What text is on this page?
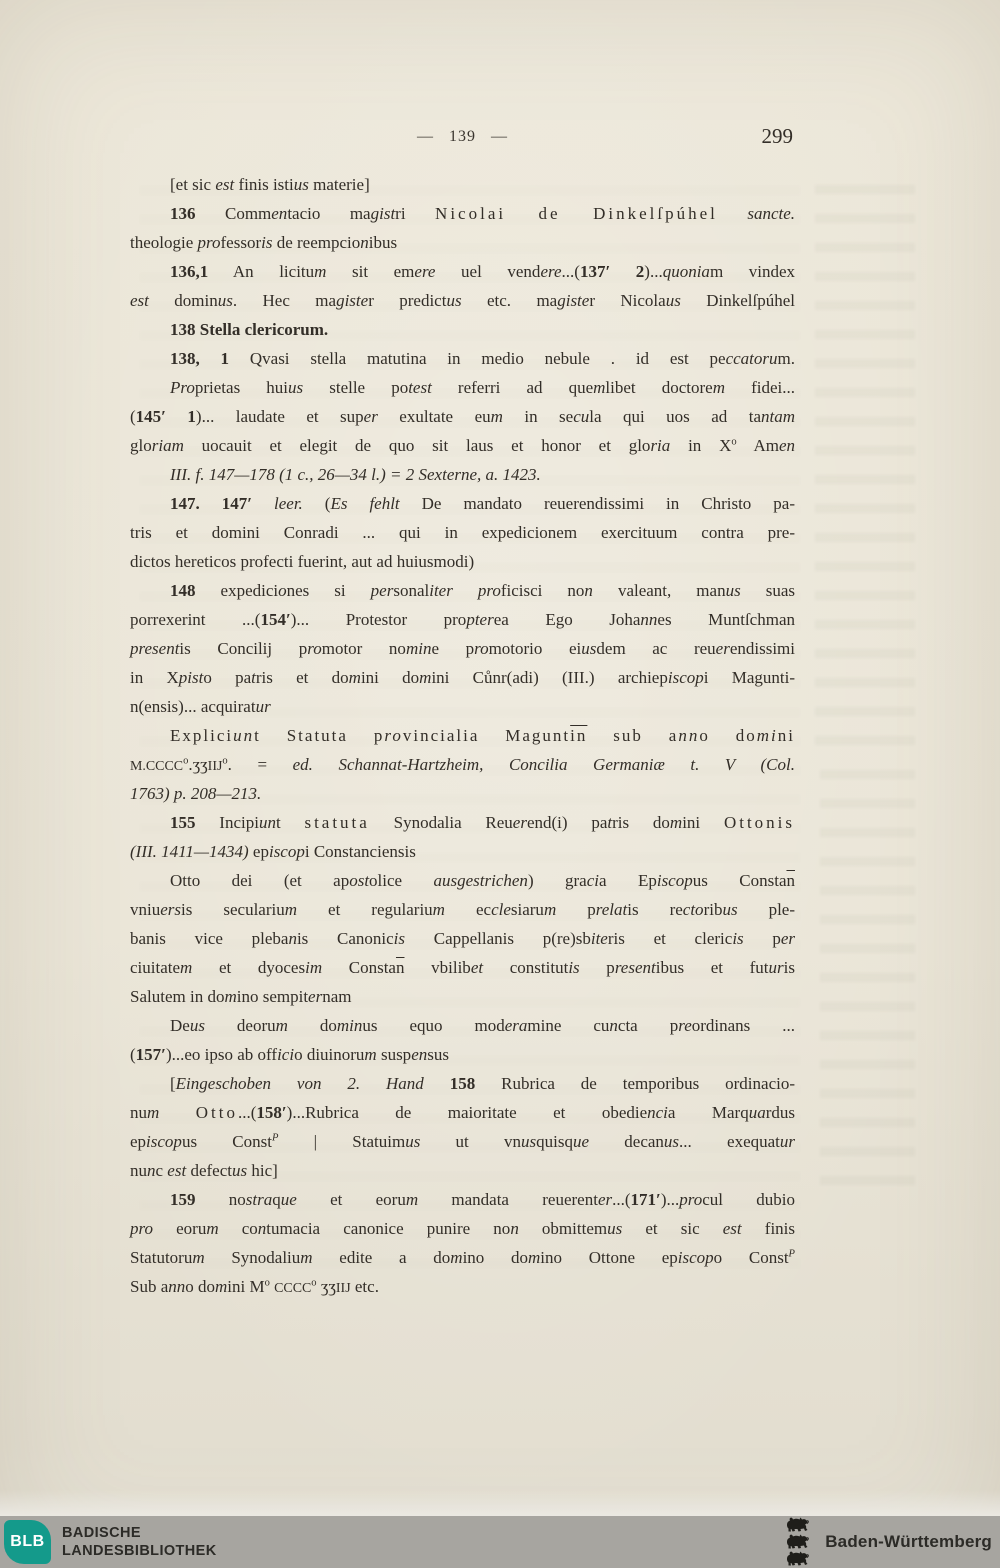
— 139 —	299
[et sic est finis istius materie]
136 Commentacio magistri Nicolai de Dinkelſpúhel sancte.
theologie professoris de reempcionibus
136,1 An licitum sit emere uel vendere...(137′ 2)...quoniam vindex
est dominus. Hec magister predictus etc. magister Nicolaus Dinkelſpúhel
138 Stella clericorum.
138, 1 Qvasi stella matutina in medio nebule . id est peccatorum.
Proprietas huius stelle potest referri ad quemlibet doctorem fidei...
(145′ 1)... laudate et super exultate eum in secula qui uos ad tantam
gloriam uocauit et elegit de quo sit laus et honor et gloria in $X^o$ Amen
III. f. 147—178 (1 c., 26—34 l.) = 2 Sexterne, a. 1423.
147. 147′ leer. (Es fehlt De mandato reuerendissimi in Christo pa-
tris et domini Conradi ... qui in expedicionem exercituum contra pre-
dictos hereticos profecti fuerint, aut ad huiusmodi)
148 expediciones si personaliter proficisci non valeant, manus suas
porrexerint ...(154′)... Protestor propterea Ego Johannes Muntſchman
presentis Concilij promotor nomine promotorio eiusdem ac reuerendissimi
in Xpisto patris et domini domini Cůnr(adi) (III.) archiepiscopi Magunti-
n(ensis)... acquiratur
Expliciunt Statuta provincialia $Magunt\overline{in}$ sub anno domini
$M.CCCC^o.ʒʒIIJ^o$. = ed. Schannat-Hartzheim, Concilia Germaniæ t. V (Col.
1763) p. 208—213.
155 Incipiunt statuta Synodalia Reuerend(i) patris domini Ottonis
(III. 1411—1434) episcopi Constanciensis
Otto dei (et apostolice ausgestrichen) gracia Episcopus $Consta\overline{n}$
vniuersis secularium et regularium ecclesiarum prelatis rectoribus ple-
banis vice plebanis Canonicis Cappellanis p(re)sbiteris et clericis per
ciuitatem et dyocesim $Consta\overline{n}$ vbilibet constitutis presentibus et futuris
Salutem in domino sempiternam
Deus deorum dominus equo moderamine cuncta preordinans ...
(157′)...eo ipso ab officio diuinorum suspensus
[Eingeschoben von 2. Hand 158 Rubrica de temporibus ordinacio-
num Otto...(158′)...Rubrica de maioritate et obediencia Marquardus
episcopus Const$^P$ | Statuimus ut vnusquisque decanus... exequatur
nunc est defectus hic]
159 nostraque et eorum mandata reuerenter...(171′)...procul dubio
pro eorum contumacia canonice punire non obmittemus et sic est finis
Statutorum Synodalium edite a domino domino Ottone episcopo Const$^P$
Sub anno domini $M^o$ CCCC$^o$ ʒʒIIJ etc.
BLB BADISCHE
LANDESBIBLIOTHEK	Baden-Württemberg
